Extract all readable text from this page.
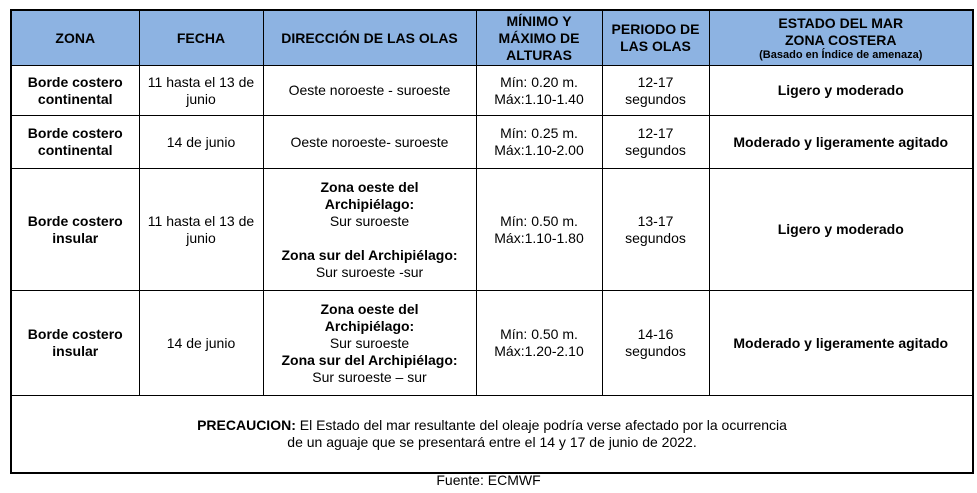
ZONA	FECHA	DIRECCIÓN DE LAS OLAS	MÍNIMO Y
MÁXIMO DE
ALTURAS	PERIODO DE
LAS OLAS	ESTADO DEL MAR
ZONA COSTERA
(Basado en Índice de amenaza)

Borde costero
continental	11 hasta el 13 de
junio	Oeste noroeste - suroeste	Mín: 0.20 m.
Máx:1.10-1.40	12-17
segundos	Ligero y moderado
Borde costero
continental	14 de junio	Oeste noroeste- suroeste	Mín: 0.25 m.
Máx:1.10-2.00	12-17
segundos	Moderado y ligeramente agitado
Borde costero
insular	11 hasta el 13 de
junio	Zona oeste del
Archipiélago:
Sur suroeste
Zona sur del Archipiélago:
Sur suroeste -sur	Mín: 0.50 m.
Máx:1.10-1.80	13-17
segundos	Ligero y moderado
Borde costero
insular	14 de junio	Zona oeste del
Archipiélago:
Sur suroeste
Zona sur del Archipiélago:
Sur suroeste – sur	Mín: 0.50 m.
Máx:1.20-2.10	14-16
segundos	Moderado y ligeramente agitado
PRECAUCION: El Estado del mar resultante del oleaje podría verse afectado por la ocurrencia
de un aguaje que se presentará entre el 14 y 17 de junio de 2022.					
Fuente: ECMWF
